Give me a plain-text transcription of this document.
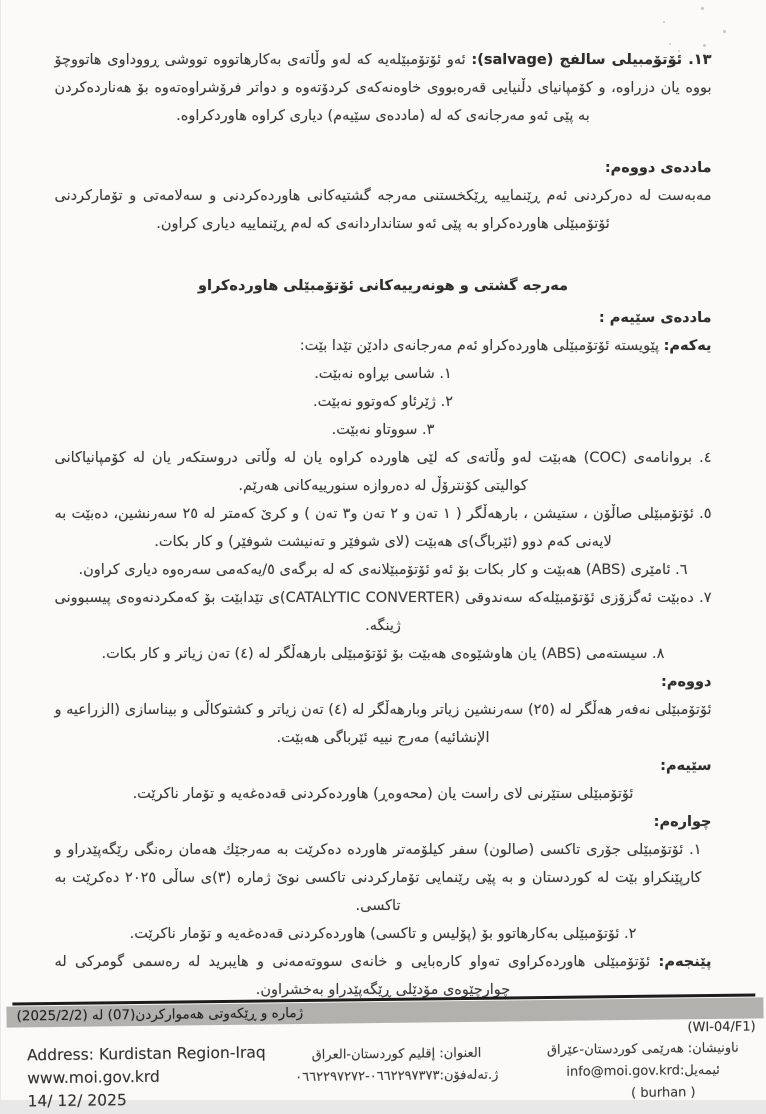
١٣. ئۆتۆمبیلی سالفج (salvage): ئەو ئۆتۆمبێلەیە کە لەو وڵاتەی بەکارهاتووە تووشی ڕووداوی هاتووچۆ بووە یان دزراوە، و کۆمپانیای دڵنیایی قەرەبووی خاوەنەکەی کردۆتەوە و دواتر فرۆشراوەتەوە بۆ هەناردەکردن بە پێی ئەو مەرجانەی کە لە (ماددەی سێیەم) دیاری کراوە هاوردکراوە.

ماددەی دووەم:

مەبەست لە دەرکردنی ئەم ڕێنماییە ڕێکخستنی مەرجە گشتیەکانی هاوردەکردنی و سەلامەتی و تۆمارکردنی ئۆتۆمبێلی هاوردەکراو بە پێی ئەو ستانداردانەی کە لەم ڕێنماییە دیاری کراون.

مەرجە گشتی و هونەرییەکانی ئۆتۆمبێلی هاوردەکراو
ماددەی سێیەم :
یەکەم: پێویستە ئۆتۆمبێلی هاوردەکراو ئەم مەرجانەی دادێن تێدا بێت:
١. شاسی بڕاوە نەبێت.
٢. ژێرئاو کەوتوو نەبێت.
٣. سووتاو نەبێت.
٤. بروانامەی (COC) هەبێت لەو وڵاتەی کە لێی هاوردە کراوە یان لە وڵاتی دروستکەر یان لە کۆمپانیاکانی کوالیتی کۆنترۆڵ لە دەروازە سنورییەکانی هەرێم.
٥. ئۆتۆمبێلی صاڵۆن ، ستیشن ، بارهەڵگر ( ١ تەن و ٢ تەن و٣ تەن ) و کرێ کەمتر لە ٢٥ سەرنشین، دەبێت بە لایەنی کەم دوو (ئێرباگ)ی هەبێت (لای شوفێر و تەنیشت شوفێر) و کار بکات.
٦. ئامێری (ABS) هەبێت و کار بکات بۆ ئەو ئۆتۆمبێلانەی کە لە برگەی ٥/یەکەمی سەرەوە دیاری کراون.
٧. دەبێت ئەگزۆزی ئۆتۆمبێلەکە سەندوقی (CATALYTIC CONVERTER)ی تێدابێت بۆ کەمکردنەوەی پیسبوونی ژینگە.
٨. سیستەمی (ABS) یان هاوشێوەی هەبێت بۆ ئۆتۆمبێلی بارهەڵگر لە (٤) تەن زیاتر و کار بکات.
دووەم:
ئۆتۆمبێلی نەفەر هەڵگر لە (٢٥) سەرنشین زیاتر وبارهەڵگر لە (٤) تەن زیاتر و کشتوکاڵی و بیناسازی (الزراعیه و الإنشائیه) مەرج نییە ئێرباگی هەبێت.
سێیەم:
ئۆتۆمبێلی ستێرنی لای راست یان (محەوەڕ) هاوردەکردنی قەدەغەیە و تۆمار ناکرێت.
چوارەم:
١. ئۆتۆمبێلی جۆری تاکسی (صالون) سفر کیلۆمەتر هاوردە دەکرێت بە مەرجێك هەمان رەنگی رێگەپێدراو و کارپێنکراو بێت لە کوردستان و بە پێی رێنمایی تۆمارکردنی تاکسی نوێ ژماره (٣)ی ساڵی ٢٠٢٥ دەکرێت بە تاکسی.
٢. ئۆتۆمبێلی بەکارهاتوو بۆ (پۆلیس و تاکسی) هاوردەکردنی قەدەغەیە و تۆمار ناکرێت.
پێنجەم: ئۆتۆمبێلی هاوردەکراوی تەواو کارەبایی و خانەی سووتەمەنی و هایبرید لە رەسمی گومرکی لە چوارچێوەی مۆدێلی ڕێگەپێدراو بەخشراون.
ژماره و ڕێکەوتی هەموارکردن(07) لە (2025/2/2)
(WI-04/F1)
ناونیشان: هەرێمی کوردستان-عێراق
ئیمەیل:info@moi.gov.krd
( burhan )
العنوان: إقليم كوردستان-العراق
ژ.تەلەفۆن:٠٦٦٢٢٩٧٣٧٣-٠٦٦٢٢٩٧٢٧٢
Address: Kurdistan Region-Iraq
www.moi.gov.krd
14/ 12/ 2025
